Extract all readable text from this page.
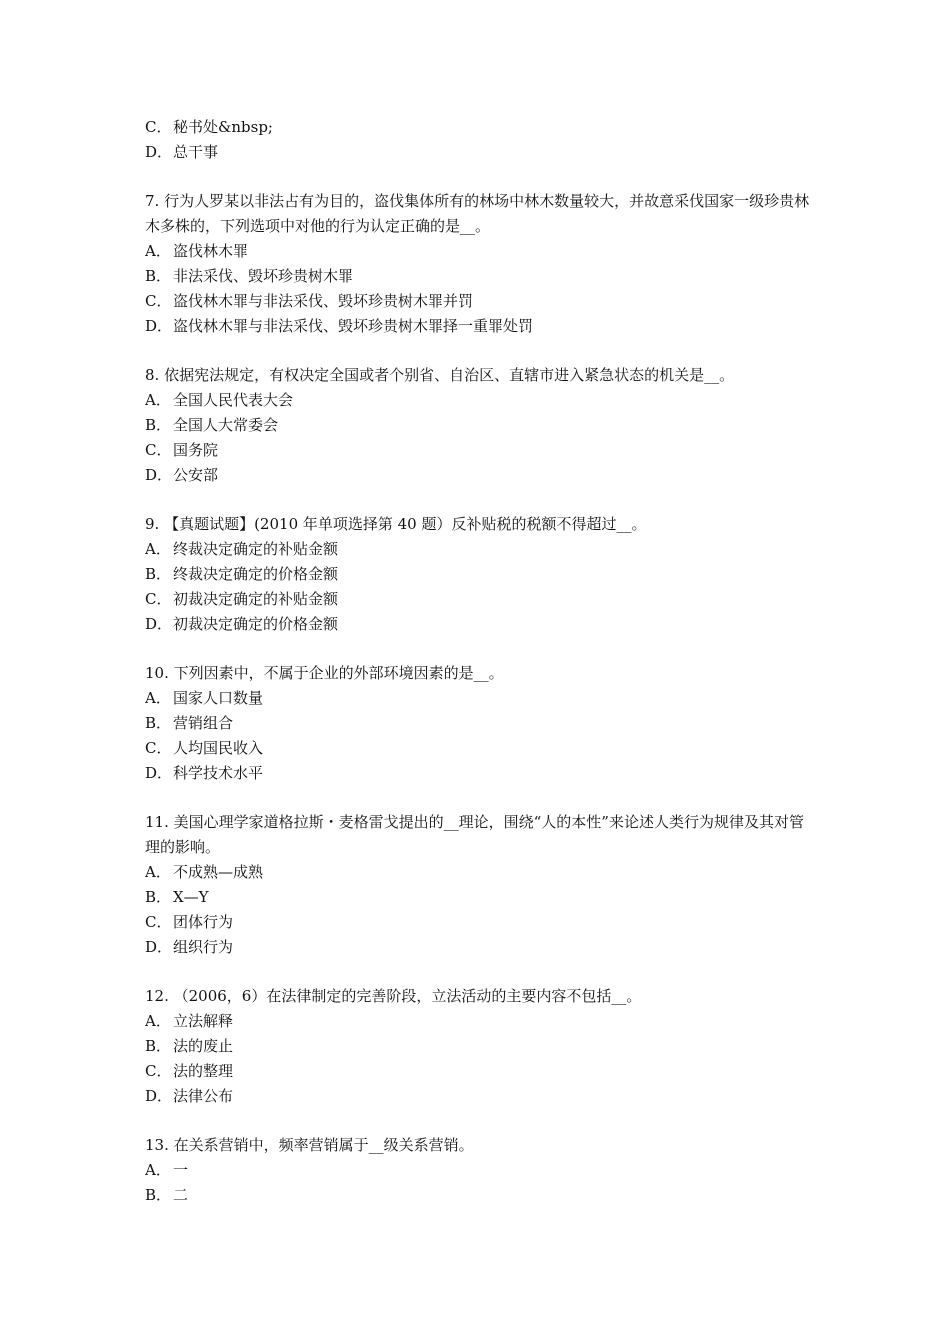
C． 秘书处&nbsp;
D．总干事
7. 行为人罗某以非法占有为目的，盗伐集体所有的林场中林木数量较大，并故意采伐国家一级珍贵林木多株的，下列选项中对他的行为认定正确的是__。
A． 盗伐林木罪
B． 非法采伐、毁坏珍贵树木罪
C． 盗伐林木罪与非法采伐、毁坏珍贵树木罪并罚
D．盗伐林木罪与非法采伐、毁坏珍贵树木罪择一重罪处罚
8. 依据宪法规定，有权决定全国或者个别省、自治区、直辖市进入紧急状态的机关是__。
A． 全国人民代表大会
B． 全国人大常委会
C． 国务院
D．公安部
9. 【真题试题】(2010 年单项选择第 40 题）反补贴税的税额不得超过__。
A． 终裁决定确定的补贴金额
B． 终裁决定确定的价格金额
C． 初裁决定确定的补贴金额
D．初裁决定确定的价格金额
10. 下列因素中，不属于企业的外部环境因素的是__。
A． 国家人口数量
B． 营销组合
C． 人均国民收入
D．科学技术水平
11. 美国心理学家道格拉斯・麦格雷戈提出的__理论，围绕“人的本性”来论述人类行为规律及其对管理的影响。
A． 不成熟—成熟
B． X—Y
C． 团体行为
D．组织行为
12. （2006，6）在法律制定的完善阶段，立法活动的主要内容不包括__。
A． 立法解释
B． 法的废止
C． 法的整理
D．法律公布
13. 在关系营销中，频率营销属于__级关系营销。
A． 一
B． 二
